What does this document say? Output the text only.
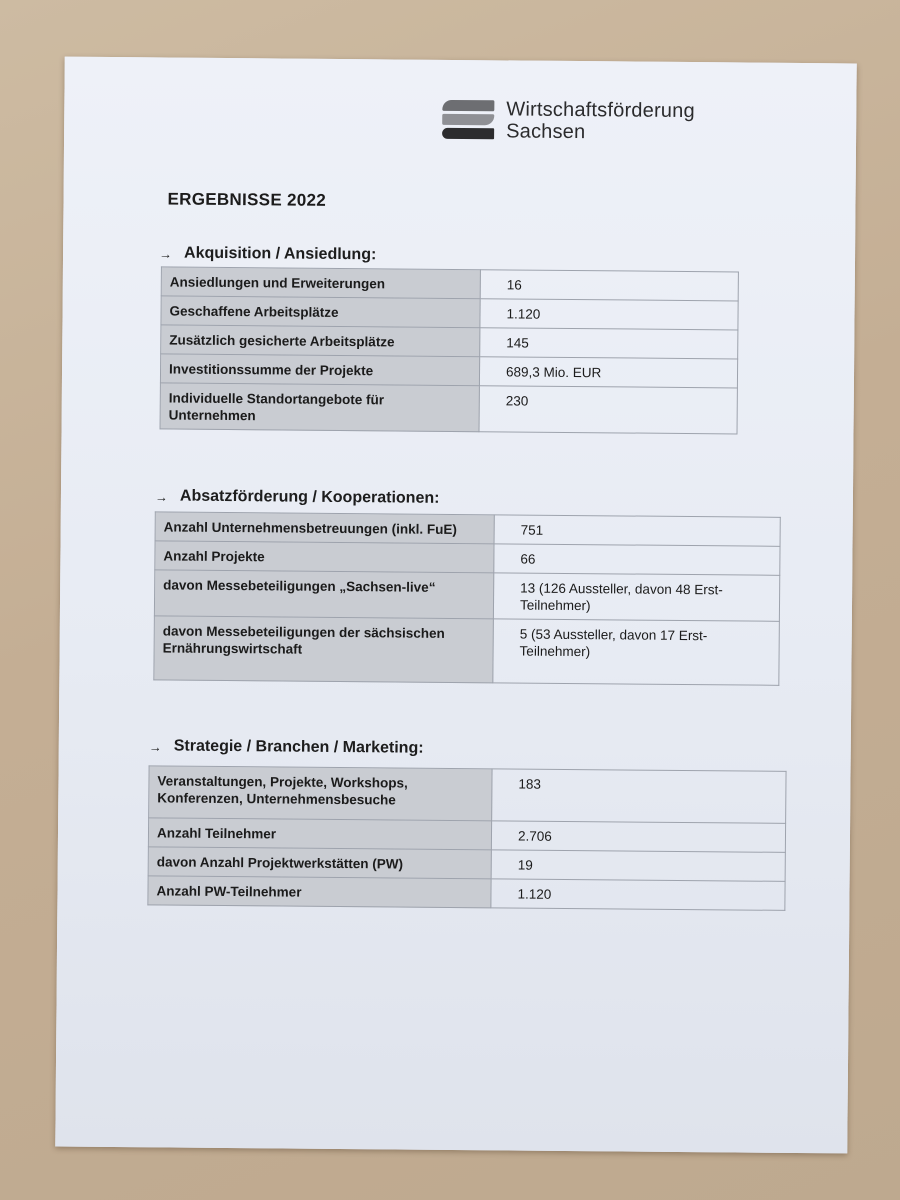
Wirtschaftsförderung
Sachsen
ERGEBNISSE 2022
→ Akquisition / Ansiedlung:
Ansiedlungen und Erweiterungen	16
Geschaffene Arbeitsplätze	1.120
Zusätzlich gesicherte Arbeitsplätze	145
Investitionssumme der Projekte	689,3 Mio. EUR
Individuelle Standortangebote für Unternehmen	230
→ Absatzförderung / Kooperationen:
Anzahl Unternehmensbetreuungen (inkl. FuE)	751
Anzahl Projekte	66
davon Messebeteiligungen „Sachsen-live“	13 (126 Aussteller, davon 48 Erst-Teilnehmer)
davon Messebeteiligungen der sächsischen Ernährungswirtschaft	5 (53 Aussteller, davon 17 Erst-Teilnehmer)
→ Strategie / Branchen / Marketing:
Veranstaltungen, Projekte, Workshops, Konferenzen, Unternehmensbesuche	183
Anzahl Teilnehmer	2.706
davon Anzahl Projektwerkstätten (PW)	19
Anzahl PW-Teilnehmer	1.120
